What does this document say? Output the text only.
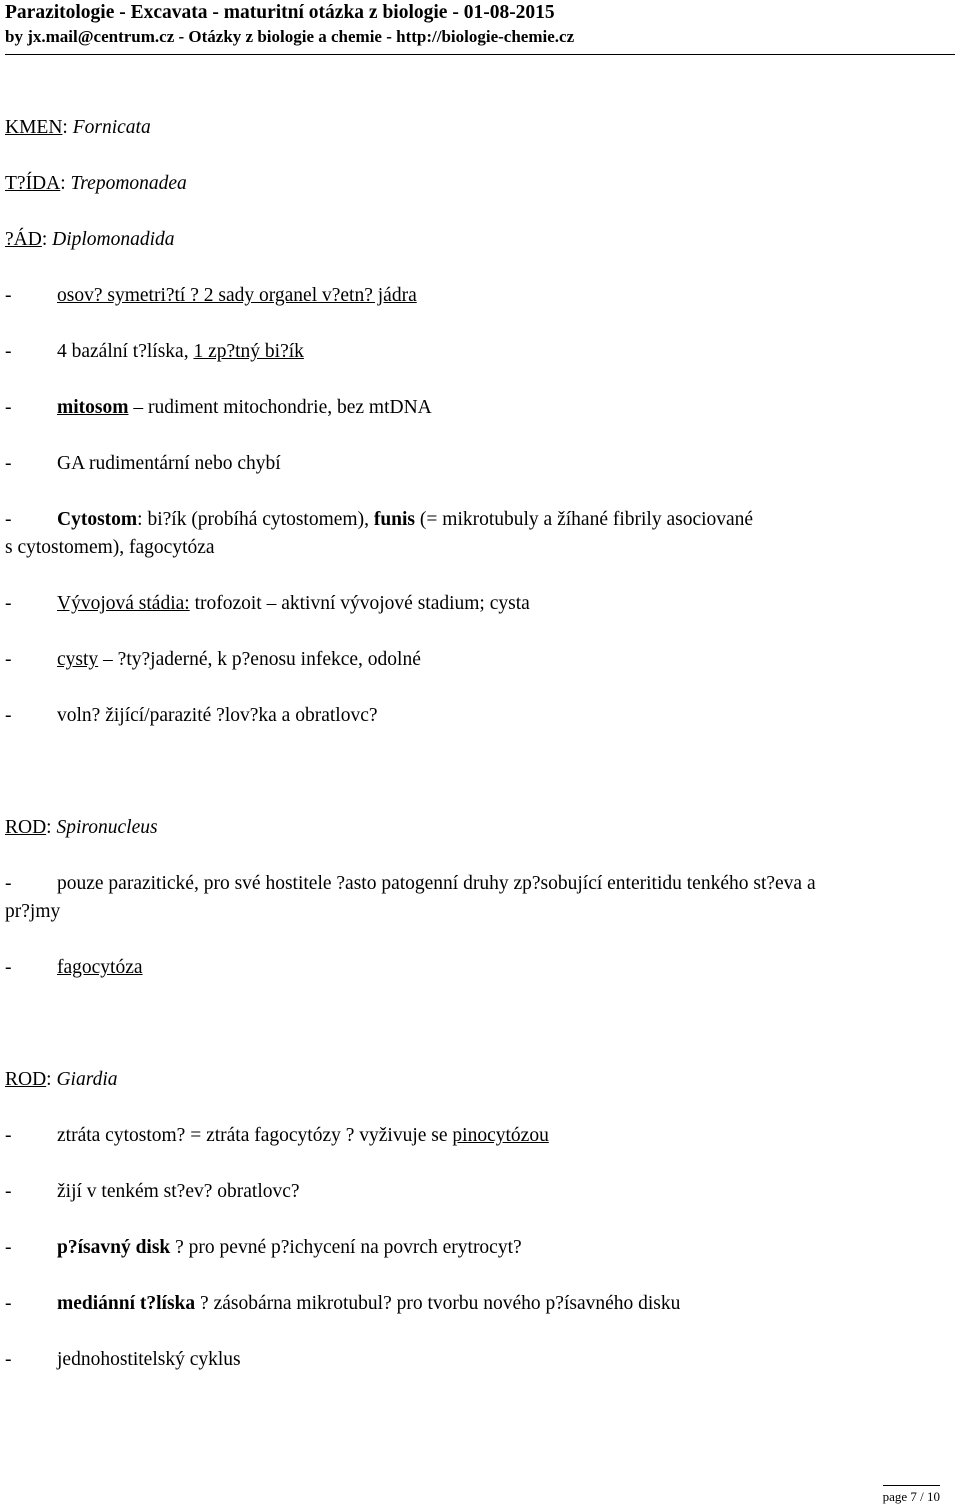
Parazitologie - Excavata - maturitní otázka z biologie - 01-08-2015
by jx.mail@centrum.cz - Otázky z biologie a chemie - http://biologie-chemie.cz
KMEN: Fornicata
T?ÍDA: Trepomonadea
?ÁD: Diplomonadida
- osov? symetri?tí ? 2 sady organel v?etn? jádra
- 4 bazální t?líska, 1 zp?tný bi?ík
- mitosom – rudiment mitochondrie, bez mtDNA
- GA rudimentární nebo chybí
- Cytostom: bi?ík (probíhá cytostomem), funis (= mikrotubuly a žíhané fibrily asociované
s cytostomem), fagocytóza
- Vývojová stádia: trofozoit – aktivní vývojové stadium; cysta
- cysty – ?ty?jaderné, k p?enosu infekce, odolné
- voln? žijící/parazité ?lov?ka a obratlovc?
ROD: Spironucleus
- pouze parazitické, pro své hostitele ?asto patogenní druhy zp?sobující enteritidu tenkého st?eva a
pr?jmy
- fagocytóza
ROD: Giardia
- ztráta cytostom? = ztráta fagocytózy ? vyživuje se pinocytózou
- žijí v tenkém st?ev? obratlovc?
- p?ísavný disk ? pro pevné p?ichycení na povrch erytrocyt?
- mediánní t?líska ? zásobárna mikrotubul? pro tvorbu nového p?ísavného disku
- jednohostitelský cyklus
page 7 / 10
